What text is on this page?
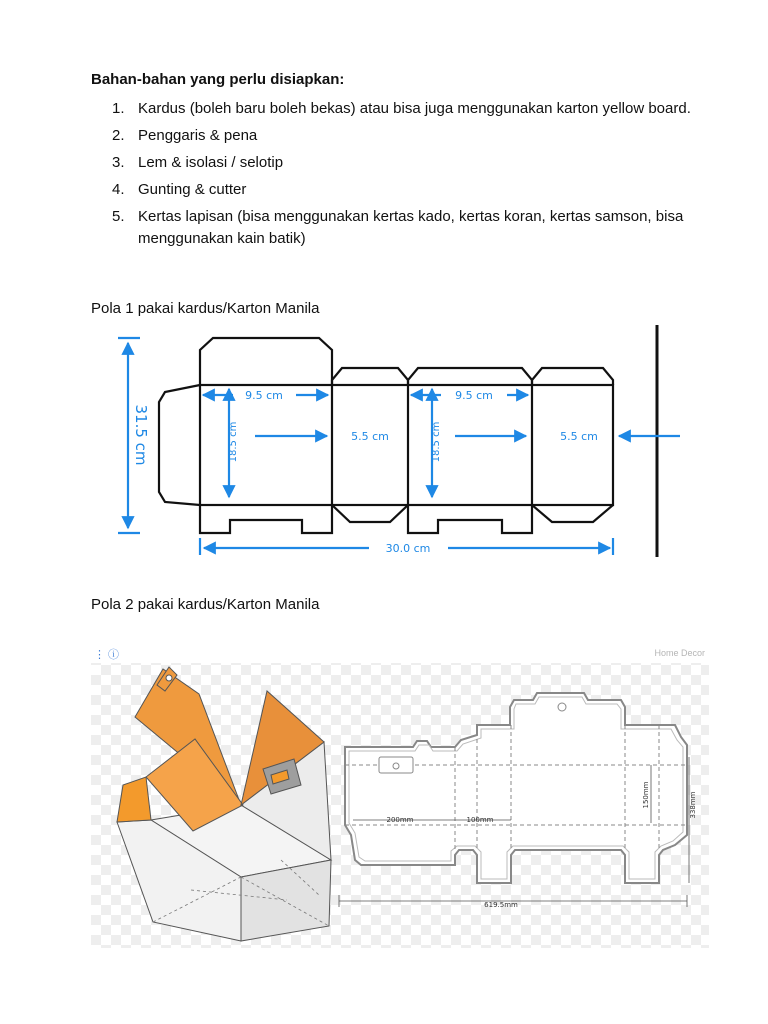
Bahan-bahan yang perlu disiapkan:
1. Kardus (boleh baru boleh bekas) atau bisa juga menggunakan karton yellow board.
2. Penggaris & pena
3. Lem & isolasi / selotip
4. Gunting & cutter
5. Kertas lapisan (bisa menggunakan kertas kado, kertas koran, kertas samson, bisa menggunakan kain batik)
Pola 1 pakai kardus/Karton Manila
31.5 cm
9.5 cm	9.5 cm
5.5 cm	5.5 cm
18.5 cm	18.5 cm
30.0 cm
Pola 2 pakai kardus/Karton Manila
⋮ ⓘ	Home Decor
200mm	100mm
150mm	338mm
619.5mm
